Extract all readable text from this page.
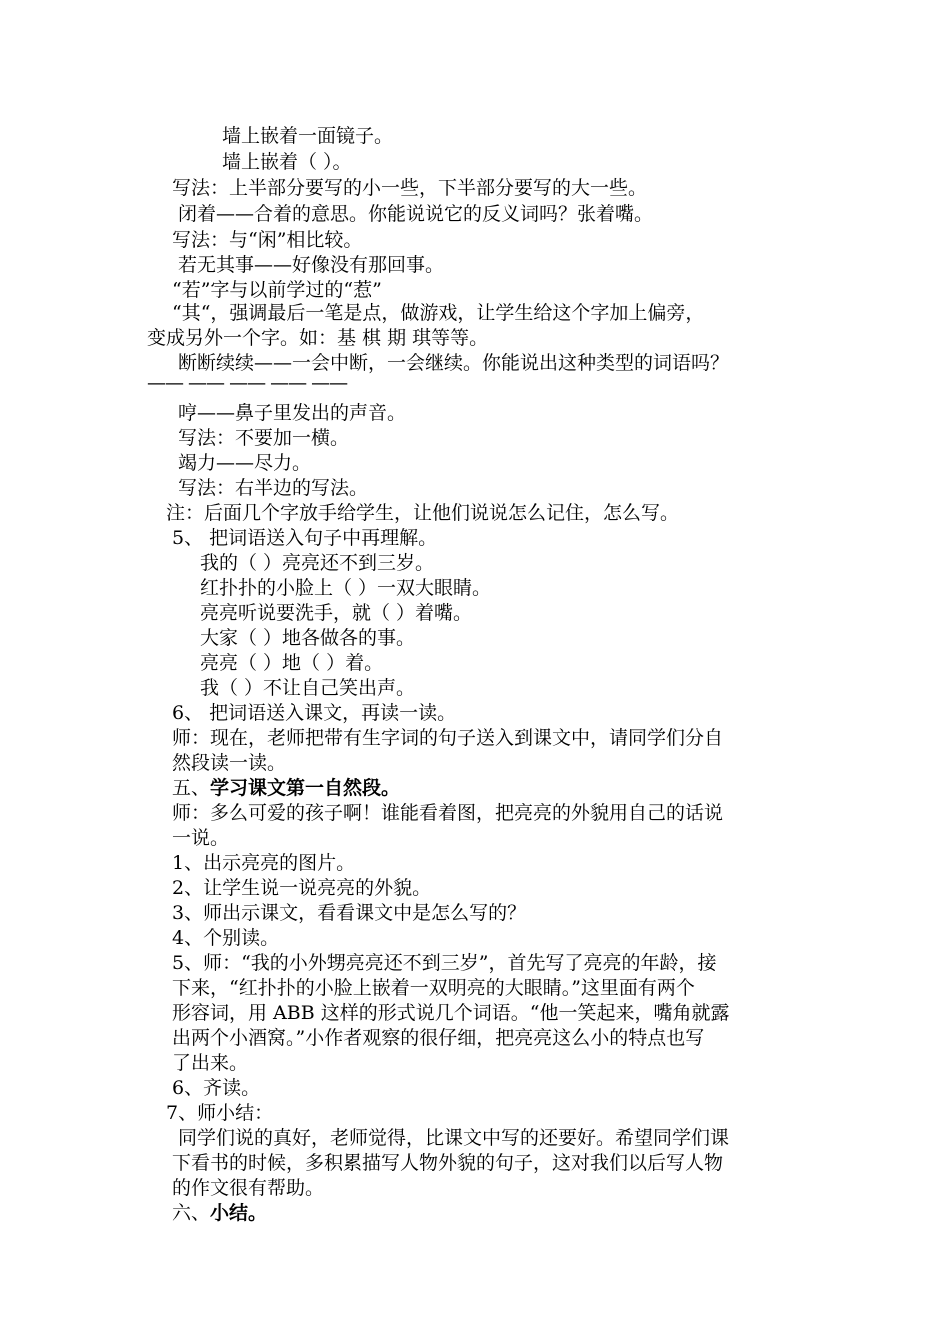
墙上嵌着一面镜子。
墙上嵌着（ ）。
写法：上半部分要写的小一些，下半部分要写的大一些。
闭着——合着的意思。你能说说它的反义词吗？张着嘴。
写法：与“闲”相比较。
若无其事——好像没有那回事。
“若”字与以前学过的“惹”
“其“，强调最后一笔是点，做游戏，让学生给这个字加上偏旁，
变成另外一个字。如：基 棋 期 琪等等。
断断续续——一会中断，一会继续。你能说出这种类型的词语吗？
—— —— —— —— ——
哼——鼻子里发出的声音。
写法：不要加一横。
竭力——尽力。
写法：右半边的写法。
注：后面几个字放手给学生，让他们说说怎么记住，怎么写。
5、 把词语送入句子中再理解。
我的（ ）亮亮还不到三岁。
红扑扑的小脸上（ ）一双大眼睛。
亮亮听说要洗手，就（ ）着嘴。
大家（ ）地各做各的事。
亮亮（ ）地（ ）着。
我（ ）不让自己笑出声。
6、 把词语送入课文，再读一读。
师：现在，老师把带有生字词的句子送入到课文中，请同学们分自
然段读一读。
五、学习课文第一自然段。
师：多么可爱的孩子啊！谁能看着图，把亮亮的外貌用自己的话说
一说。
1、出示亮亮的图片。
2、让学生说一说亮亮的外貌。
3、师出示课文，看看课文中是怎么写的？
4、个别读。
5、师：“我的小外甥亮亮还不到三岁”，首先写了亮亮的年龄，接
下来，“红扑扑的小脸上嵌着一双明亮的大眼睛。”这里面有两个
形容词，用 ABB 这样的形式说几个词语。“他一笑起来，嘴角就露
出两个小酒窝。”小作者观察的很仔细，把亮亮这么小的特点也写
了出来。
6、齐读。
7、师小结：
同学们说的真好，老师觉得，比课文中写的还要好。希望同学们课
下看书的时候，多积累描写人物外貌的句子，这对我们以后写人物
的作文很有帮助。
六、小结。
